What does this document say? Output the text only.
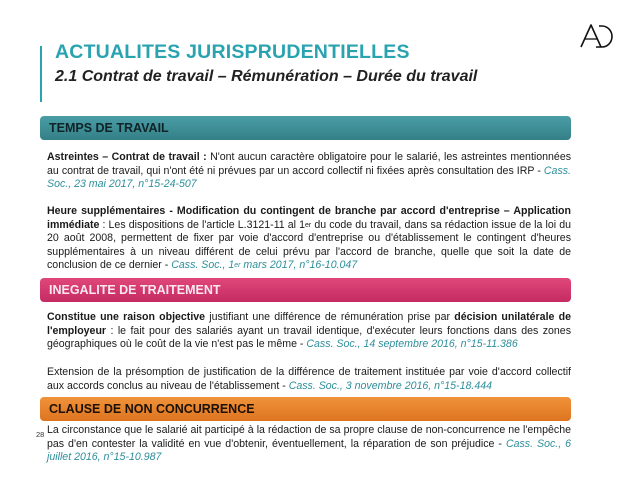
ACTUALITES JURISPRUDENTIELLES
2.1 Contrat de travail – Rémunération – Durée du travail
TEMPS DE TRAVAIL
Astreintes – Contrat de travail : N'ont aucun caractère obligatoire pour le salarié, les astreintes mentionnées au contrat de travail, qui n'ont été ni prévues par un accord collectif ni fixées après consultation des IRP - Cass. Soc., 23 mai 2017, n°15-24-507
Heure supplémentaires - Modification du contingent de branche par accord d'entreprise – Application immédiate : Les dispositions de l'article L.3121-11 al 1er du code du travail, dans sa rédaction issue de la loi du 20 août 2008, permettent de fixer par voie d'accord d'entreprise ou d'établissement le contingent d'heures supplémentaires à un niveau différent de celui prévu par l'accord de branche, quelle que soit la date de conclusion de ce dernier - Cass. Soc., 1er mars 2017, n°16-10.047
INEGALITE DE TRAITEMENT
Constitue une raison objective justifiant une différence de rémunération prise par décision unilatérale de l'employeur : le fait pour des salariés ayant un travail identique, d'exécuter leurs fonctions dans des zones géographiques où le coût de la vie n'est pas le même - Cass. Soc., 14 septembre 2016, n°15-11.386
Extension de la présomption de justification de la différence de traitement instituée par voie d'accord collectif aux accords conclus au niveau de l'établissement - Cass. Soc., 3 novembre 2016, n°15-18.444
CLAUSE DE NON CONCURRENCE
La circonstance que le salarié ait participé à la rédaction de sa propre clause de non-concurrence ne l'empêche pas d'en contester la validité en vue d'obtenir, éventuellement, la réparation de son préjudice - Cass. Soc., 6 juillet 2016, n°15-10.987
28
